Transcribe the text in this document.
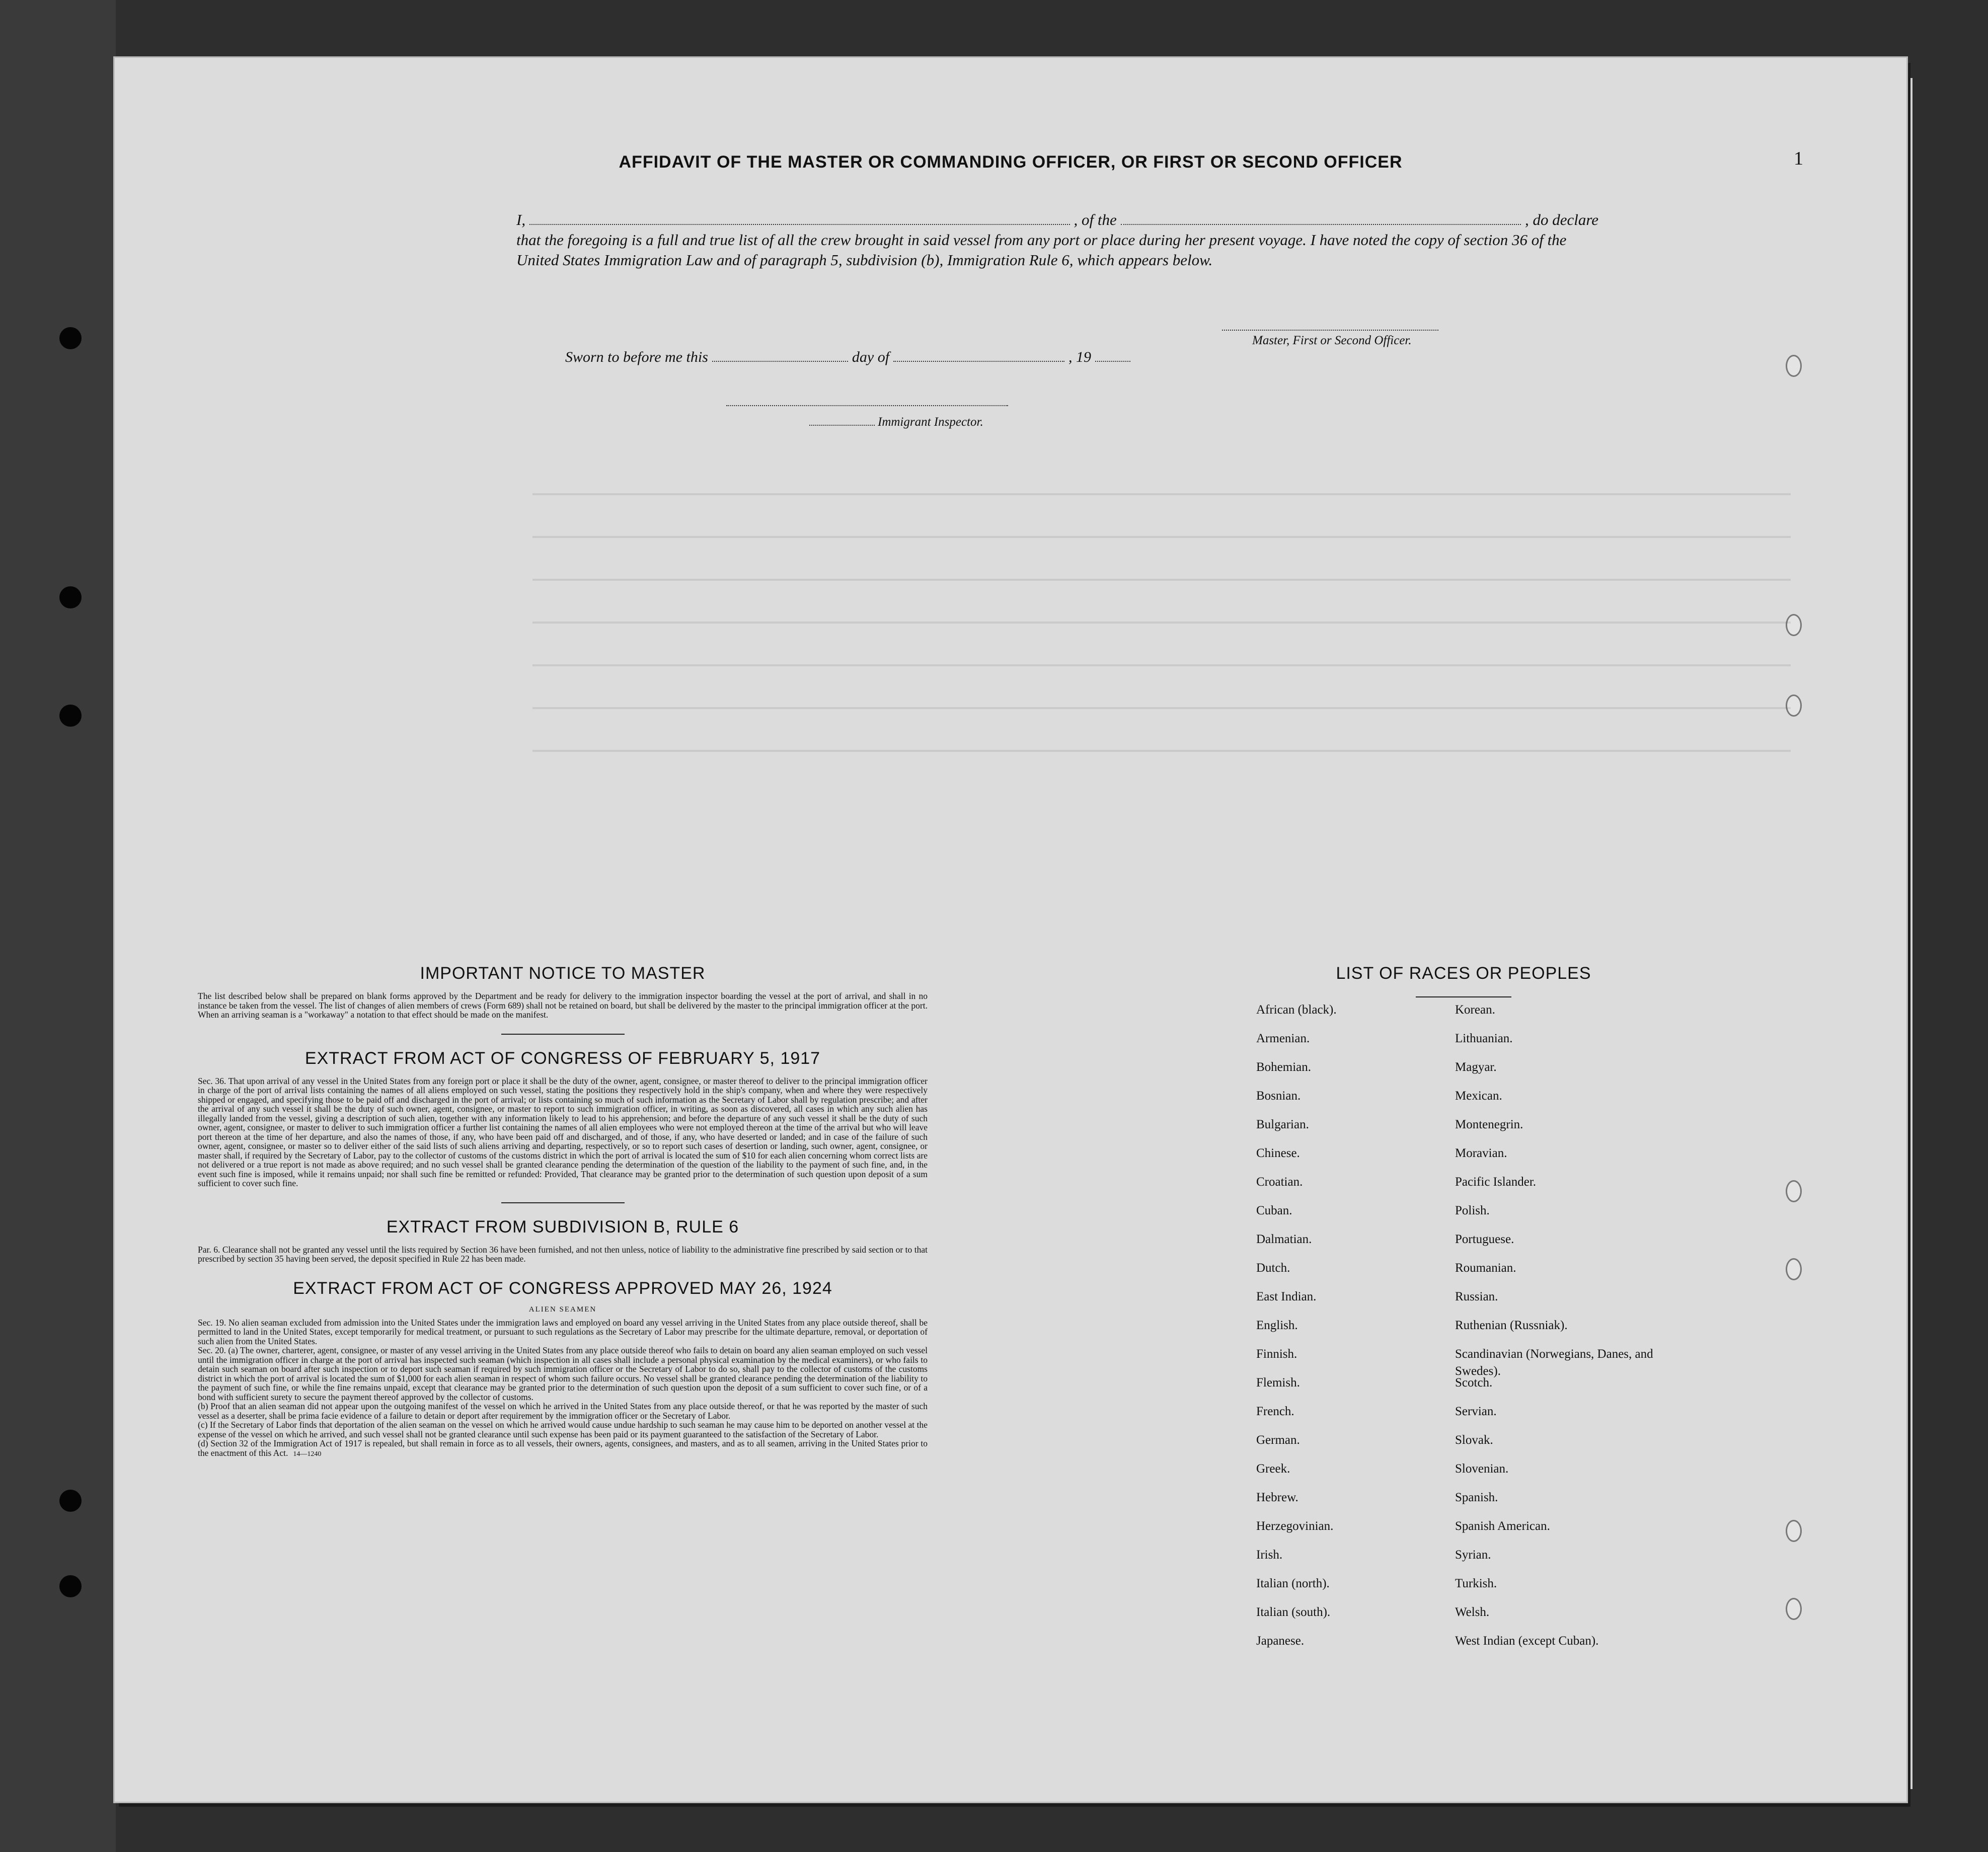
AFFIDAVIT OF THE MASTER OR COMMANDING OFFICER, OR FIRST OR SECOND OFFICER	1
I,	, of the	, do declare
that the foregoing is a full and true list of all the crew brought in said vessel from any port or place during her present voyage. I have noted the copy of section 36 of the United States Immigration Law and of paragraph 5, subdivision (b), Immigration Rule 6, which appears below.
Master, First or Second Officer.
Sworn to before me this	day of	, 19
Immigrant Inspector.
IMPORTANT NOTICE TO MASTER

The list described below shall be prepared on blank forms approved by the Department and be ready for delivery to the immigration inspector boarding the vessel at the port of arrival, and shall in no instance be taken from the vessel. The list of changes of alien members of crews (Form 689) shall not be retained on board, but shall be delivered by the master to the principal immigration officer at the port. When an arriving seaman is a "workaway" a notation to that effect should be made on the manifest.

EXTRACT FROM ACT OF CONGRESS OF FEBRUARY 5, 1917

Sec. 36. That upon arrival of any vessel in the United States from any foreign port or place it shall be the duty of the owner, agent, consignee, or master thereof to deliver to the principal immigration officer in charge of the port of arrival lists containing the names of all aliens employed on such vessel, stating the positions they respectively hold in the ship's company, when and where they were respectively shipped or engaged, and specifying those to be paid off and discharged in the port of arrival; or lists containing so much of such information as the Secretary of Labor shall by regulation prescribe; and after the arrival of any such vessel it shall be the duty of such owner, agent, consignee, or master to report to such immigration officer, in writing, as soon as discovered, all cases in which any such alien has illegally landed from the vessel, giving a description of such alien, together with any information likely to lead to his apprehension; and before the departure of any such vessel it shall be the duty of such owner, agent, consignee, or master to deliver to such immigration officer a further list containing the names of all alien employees who were not employed thereon at the time of the arrival but who will leave port thereon at the time of her departure, and also the names of those, if any, who have been paid off and discharged, and of those, if any, who have deserted or landed; and in case of the failure of such owner, agent, consignee, or master so to deliver either of the said lists of such aliens arriving and departing, respectively, or so to report such cases of desertion or landing, such owner, agent, consignee, or master shall, if required by the Secretary of Labor, pay to the collector of customs of the customs district in which the port of arrival is located the sum of $10 for each alien concerning whom correct lists are not delivered or a true report is not made as above required; and no such vessel shall be granted clearance pending the determination of the question of the liability to the payment of such fine, and, in the event such fine is imposed, while it remains unpaid; nor shall such fine be remitted or refunded: Provided, That clearance may be granted prior to the determination of such question upon deposit of a sum sufficient to cover such fine.

EXTRACT FROM SUBDIVISION B, RULE 6

Par. 6. Clearance shall not be granted any vessel until the lists required by Section 36 have been furnished, and not then unless, notice of liability to the administrative fine prescribed by said section or to that prescribed by section 35 having been served, the deposit specified in Rule 22 has been made.

EXTRACT FROM ACT OF CONGRESS APPROVED MAY 26, 1924
ALIEN SEAMEN

Sec. 19. No alien seaman excluded from admission into the United States under the immigration laws and employed on board any vessel arriving in the United States from any place outside thereof, shall be permitted to land in the United States, except temporarily for medical treatment, or pursuant to such regulations as the Secretary of Labor may prescribe for the ultimate departure, removal, or deportation of such alien from the United States.

Sec. 20. (a) The owner, charterer, agent, consignee, or master of any vessel arriving in the United States from any place outside thereof who fails to detain on board any alien seaman employed on such vessel until the immigration officer in charge at the port of arrival has inspected such seaman (which inspection in all cases shall include a personal physical examination by the medical examiners), or who fails to detain such seaman on board after such inspection or to deport such seaman if required by such immigration officer or the Secretary of Labor to do so, shall pay to the collector of customs of the customs district in which the port of arrival is located the sum of $1,000 for each alien seaman in respect of whom such failure occurs. No vessel shall be granted clearance pending the determination of the liability to the payment of such fine, or while the fine remains unpaid, except that clearance may be granted prior to the determination of such question upon the deposit of a sum sufficient to cover such fine, or of a bond with sufficient surety to secure the payment thereof approved by the collector of customs.

(b) Proof that an alien seaman did not appear upon the outgoing manifest of the vessel on which he arrived in the United States from any place outside thereof, or that he was reported by the master of such vessel as a deserter, shall be prima facie evidence of a failure to detain or deport after requirement by the immigration officer or the Secretary of Labor.

(c) If the Secretary of Labor finds that deportation of the alien seaman on the vessel on which he arrived would cause undue hardship to such seaman he may cause him to be deported on another vessel at the expense of the vessel on which he arrived, and such vessel shall not be granted clearance until such expense has been paid or its payment guaranteed to the satisfaction of the Secretary of Labor.

(d) Section 32 of the Immigration Act of 1917 is repealed, but shall remain in force as to all vessels, their owners, agents, consignees, and masters, and as to all seamen, arriving in the United States prior to the enactment of this Act. 14—1240

LIST OF RACES OR PEOPLES
African (black).	Korean.
Armenian.	Lithuanian.
Bohemian.	Magyar.
Bosnian.	Mexican.
Bulgarian.	Montenegrin.
Chinese.	Moravian.
Croatian.	Pacific Islander.
Cuban.	Polish.
Dalmatian.	Portuguese.
Dutch.	Roumanian.
East Indian.	Russian.
English.	Ruthenian (Russniak).
Finnish.	Scandinavian (Norwegians, Danes, and Swedes).
Flemish.	Scotch.
French.	Servian.
German.	Slovak.
Greek.	Slovenian.
Hebrew.	Spanish.
Herzegovinian.	Spanish American.
Irish.	Syrian.
Italian (north).	Turkish.
Italian (south).	Welsh.
Japanese.	West Indian (except Cuban).
